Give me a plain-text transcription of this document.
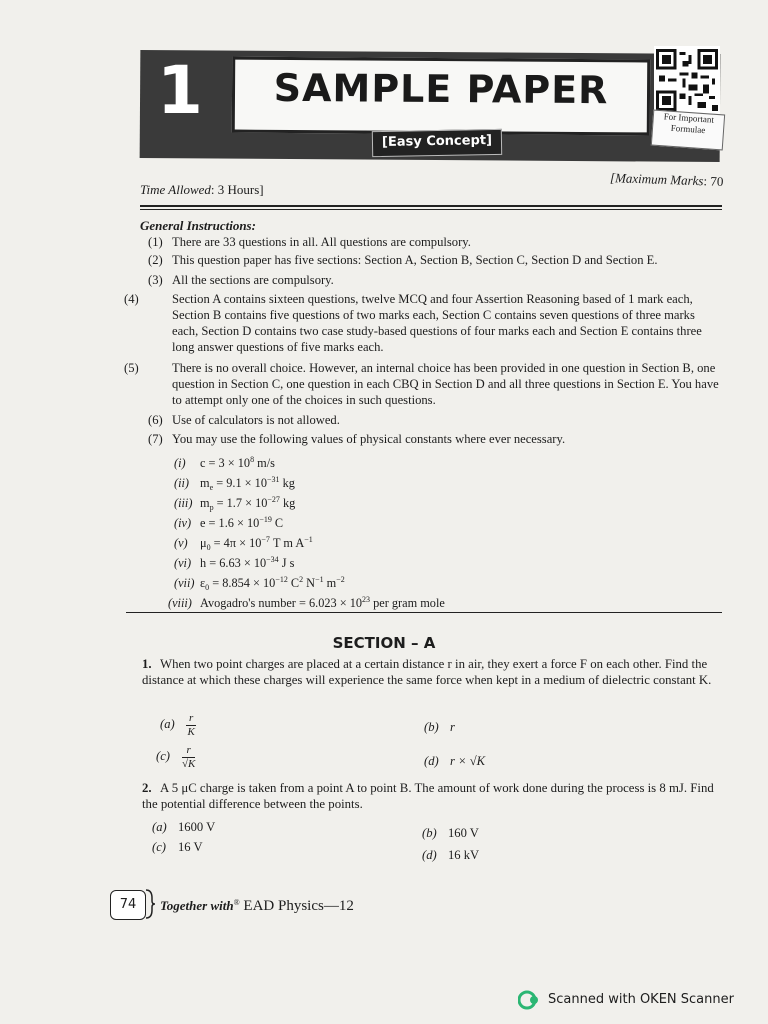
1	SAMPLE PAPER
[Easy Concept]
For Important Formulae
Time Allowed: 3 Hours]
[Maximum Marks: 70
General Instructions:
(1) There are 33 questions in all. All questions are compulsory.
(2) This question paper has five sections: Section A, Section B, Section C, Section D and Section E.
(3) All the sections are compulsory.
(4)	Section A contains sixteen questions, twelve MCQ and four Assertion Reasoning based of 1 mark each, Section B contains five questions of two marks each, Section C contains seven questions of three marks each, Section D contains two case study-based questions of four marks each and Section E contains three long answer questions of five marks each.
(5)	There is no overall choice. However, an internal choice has been provided in one question in Section B, one question in Section C, one question in each CBQ in Section D and all three questions in Section E. You have to attempt only one of the choices in such questions.
(6) Use of calculators is not allowed.
(7) You may use the following values of physical constants where ever necessary.
(i) $c = 3 \times 10^8$ m/s
(ii) $m_e = 9.1 \times 10^{-31}$ kg
(iii) $m_p = 1.7 \times 10^{-27}$ kg
(iv) $e = 1.6 \times 10^{-19}$ C
(v) $\mu_0 = 4\pi \times 10^{-7}$ T m $A^{-1}$
(vi) $h = 6.63 \times 10^{-34}$ J s
(vii) $\varepsilon_0 = 8.854 \times 10^{-12}$ $C^2$ $N^{-1}$ $m^{-2}$
(viii) Avogadro's number = $6.023 \times 10^{23}$ per gram mole
SECTION – A
1. When two point charges are placed at a certain distance r in air, they exert a force F on each other. Find the distance at which these charges will experience the same force when kept in a medium of dielectric constant K.
$(a) \frac{r}{K}$	(b) r
$(c) \frac{r}{√K}$	(d) r × √K
2. A 5 μC charge is taken from a point A to point B. The amount of work done during the process is 8 mJ. Find the potential difference between the points.
(a) 1600 V	(b) 160 V
(c) 16 V
(d) 16 kV
74	Together with® EAD Physics—12
Scanned with OKEN Scanner
